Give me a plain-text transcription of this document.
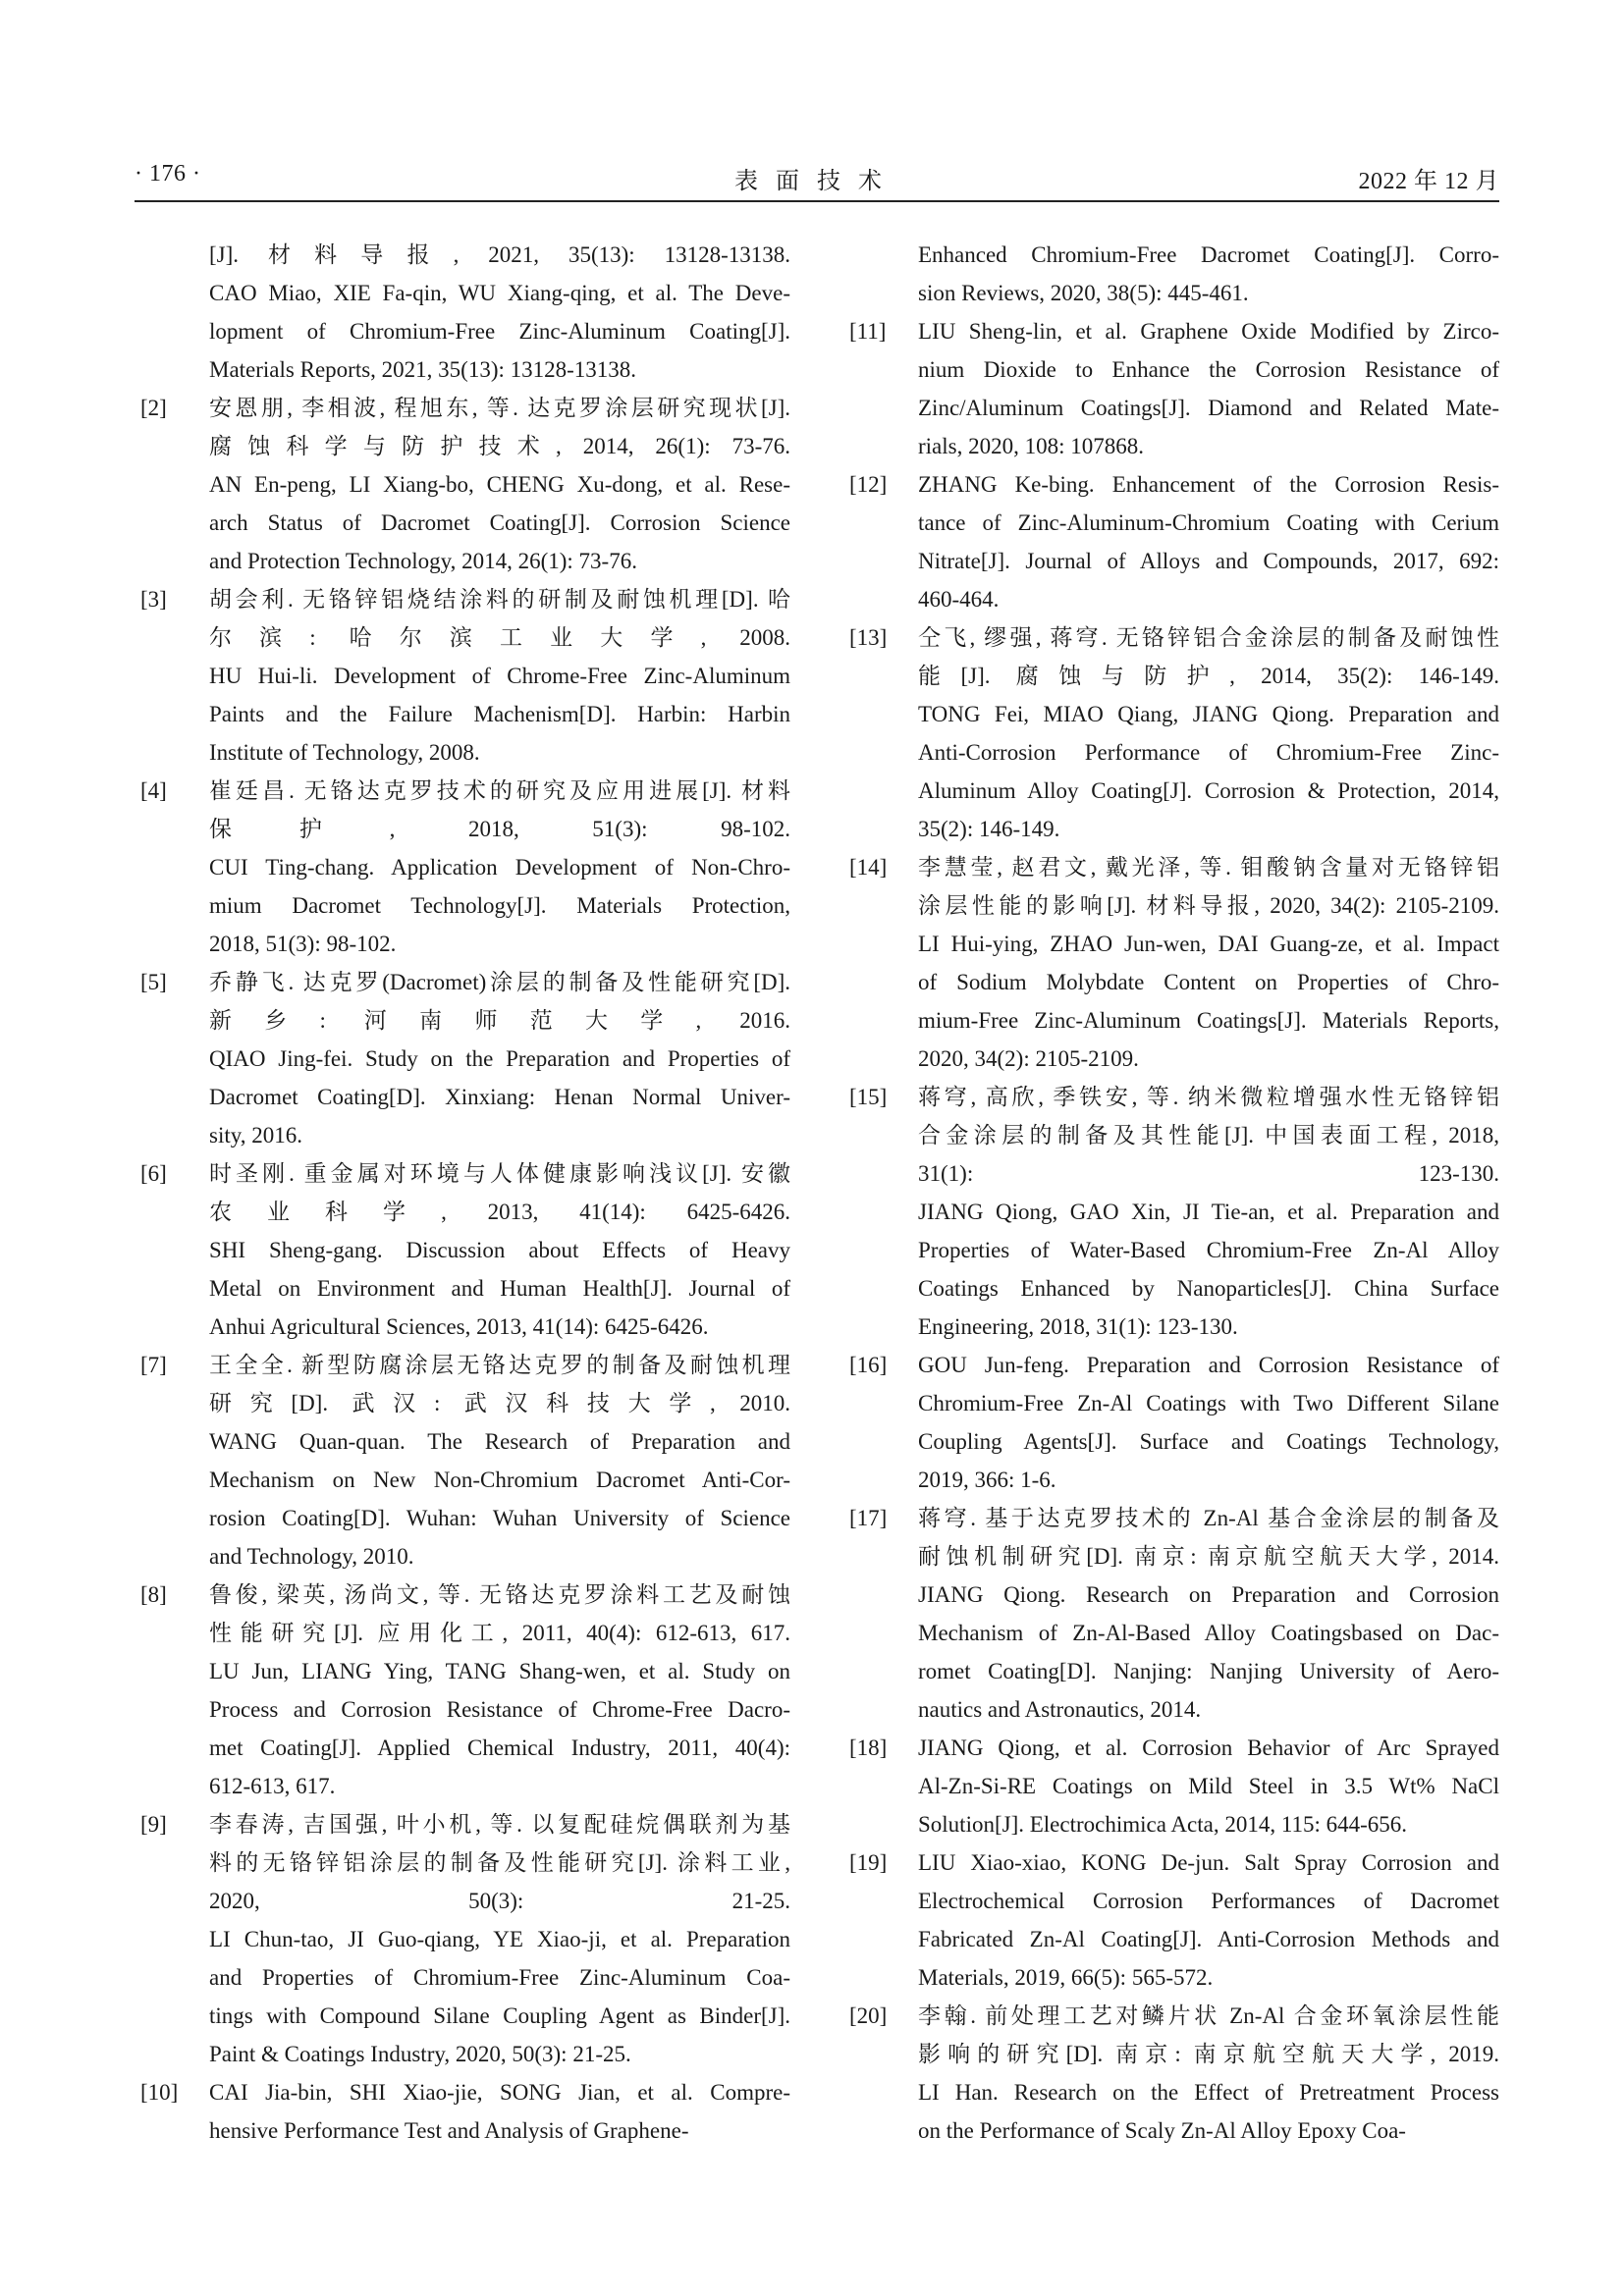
· 176 ·	表面技术	2022 年 12 月
[J]. 材料导报, 2021, 35(13): 13128-13138.
CAO Miao, XIE Fa-qin, WU Xiang-qing, et al. The Deve-
lopment of Chromium-Free Zinc-Aluminum Coating[J].
Materials Reports, 2021, 35(13): 13128-13138.
[2] 安恩朋, 李相波, 程旭东, 等. 达克罗涂层研究现状[J].
腐蚀科学与防护技术, 2014, 26(1): 73-76.
AN En-peng, LI Xiang-bo, CHENG Xu-dong, et al. Rese-
arch Status of Dacromet Coating[J]. Corrosion Science
and Protection Technology, 2014, 26(1): 73-76.
[3] 胡会利. 无铬锌铝烧结涂料的研制及耐蚀机理[D]. 哈
尔滨: 哈尔滨工业大学, 2008.
HU Hui-li. Development of Chrome-Free Zinc-Aluminum
Paints and the Failure Machenism[D]. Harbin: Harbin
Institute of Technology, 2008.
[4] 崔廷昌. 无铬达克罗技术的研究及应用进展[J]. 材料
保护, 2018, 51(3): 98-102.
CUI Ting-chang. Application Development of Non-Chro-
mium Dacromet Technology[J]. Materials Protection,
2018, 51(3): 98-102.
[5] 乔静飞. 达克罗(Dacromet)涂层的制备及性能研究[D].
新乡: 河南师范大学, 2016.
QIAO Jing-fei. Study on the Preparation and Properties of
Dacromet Coating[D]. Xinxiang: Henan Normal Univer-
sity, 2016.
[6] 时圣刚. 重金属对环境与人体健康影响浅议[J]. 安徽
农业科学, 2013, 41(14): 6425-6426.
SHI Sheng-gang. Discussion about Effects of Heavy
Metal on Environment and Human Health[J]. Journal of
Anhui Agricultural Sciences, 2013, 41(14): 6425-6426.
[7] 王全全. 新型防腐涂层无铬达克罗的制备及耐蚀机理
研究[D]. 武汉: 武汉科技大学, 2010.
WANG Quan-quan. The Research of Preparation and
Mechanism on New Non-Chromium Dacromet Anti-Cor-
rosion Coating[D]. Wuhan: Wuhan University of Science
and Technology, 2010.
[8] 鲁俊, 梁英, 汤尚文, 等. 无铬达克罗涂料工艺及耐蚀
性能研究[J]. 应用化工, 2011, 40(4): 612-613, 617.
LU Jun, LIANG Ying, TANG Shang-wen, et al. Study on
Process and Corrosion Resistance of Chrome-Free Dacro-
met Coating[J]. Applied Chemical Industry, 2011, 40(4):
612-613, 617.
[9] 李春涛, 吉国强, 叶小机, 等. 以复配硅烷偶联剂为基
料的无铬锌铝涂层的制备及性能研究[J]. 涂料工业,
2020, 50(3): 21-25.
LI Chun-tao, JI Guo-qiang, YE Xiao-ji, et al. Preparation
and Properties of Chromium-Free Zinc-Aluminum Coa-
tings with Compound Silane Coupling Agent as Binder[J].
Paint & Coatings Industry, 2020, 50(3): 21-25.
[10] CAI Jia-bin, SHI Xiao-jie, SONG Jian, et al. Compre-
hensive Performance Test and Analysis of Graphene-
Enhanced Chromium-Free Dacromet Coating[J]. Corro-
sion Reviews, 2020, 38(5): 445-461.
[11] LIU Sheng-lin, et al. Graphene Oxide Modified by Zirco-
nium Dioxide to Enhance the Corrosion Resistance of
Zinc/Aluminum Coatings[J]. Diamond and Related Mate-
rials, 2020, 108: 107868.
[12] ZHANG Ke-bing. Enhancement of the Corrosion Resis-
tance of Zinc-Aluminum-Chromium Coating with Cerium
Nitrate[J]. Journal of Alloys and Compounds, 2017, 692:
460-464.
[13] 仝飞, 缪强, 蒋穹. 无铬锌铝合金涂层的制备及耐蚀性
能[J]. 腐蚀与防护, 2014, 35(2): 146-149.
TONG Fei, MIAO Qiang, JIANG Qiong. Preparation and
Anti-Corrosion Performance of Chromium-Free Zinc-
Aluminum Alloy Coating[J]. Corrosion & Protection, 2014,
35(2): 146-149.
[14] 李慧莹, 赵君文, 戴光泽, 等. 钼酸钠含量对无铬锌铝
涂层性能的影响[J]. 材料导报, 2020, 34(2): 2105-2109.
LI Hui-ying, ZHAO Jun-wen, DAI Guang-ze, et al. Impact
of Sodium Molybdate Content on Properties of Chro-
mium-Free Zinc-Aluminum Coatings[J]. Materials Reports,
2020, 34(2): 2105-2109.
[15] 蒋穹, 高欣, 季铁安, 等. 纳米微粒增强水性无铬锌铝
合金涂层的制备及其性能[J]. 中国表面工程, 2018,
31(1): 123-130.
JIANG Qiong, GAO Xin, JI Tie-an, et al. Preparation and
Properties of Water-Based Chromium-Free Zn-Al Alloy
Coatings Enhanced by Nanoparticles[J]. China Surface
Engineering, 2018, 31(1): 123-130.
[16] GOU Jun-feng. Preparation and Corrosion Resistance of
Chromium-Free Zn-Al Coatings with Two Different Silane
Coupling Agents[J]. Surface and Coatings Technology,
2019, 366: 1-6.
[17] 蒋穹. 基于达克罗技术的 Zn-Al 基合金涂层的制备及
耐蚀机制研究[D]. 南京: 南京航空航天大学, 2014.
JIANG Qiong. Research on Preparation and Corrosion
Mechanism of Zn-Al-Based Alloy Coatingsbased on Dac-
romet Coating[D]. Nanjing: Nanjing University of Aero-
nautics and Astronautics, 2014.
[18] JIANG Qiong, et al. Corrosion Behavior of Arc Sprayed
Al-Zn-Si-RE Coatings on Mild Steel in 3.5 Wt% NaCl
Solution[J]. Electrochimica Acta, 2014, 115: 644-656.
[19] LIU Xiao-xiao, KONG De-jun. Salt Spray Corrosion and
Electrochemical Corrosion Performances of Dacromet
Fabricated Zn-Al Coating[J]. Anti-Corrosion Methods and
Materials, 2019, 66(5): 565-572.
[20] 李翰. 前处理工艺对鳞片状 Zn-Al 合金环氧涂层性能
影响的研究[D]. 南京: 南京航空航天大学, 2019.
LI Han. Research on the Effect of Pretreatment Process
on the Performance of Scaly Zn-Al Alloy Epoxy Coa-
